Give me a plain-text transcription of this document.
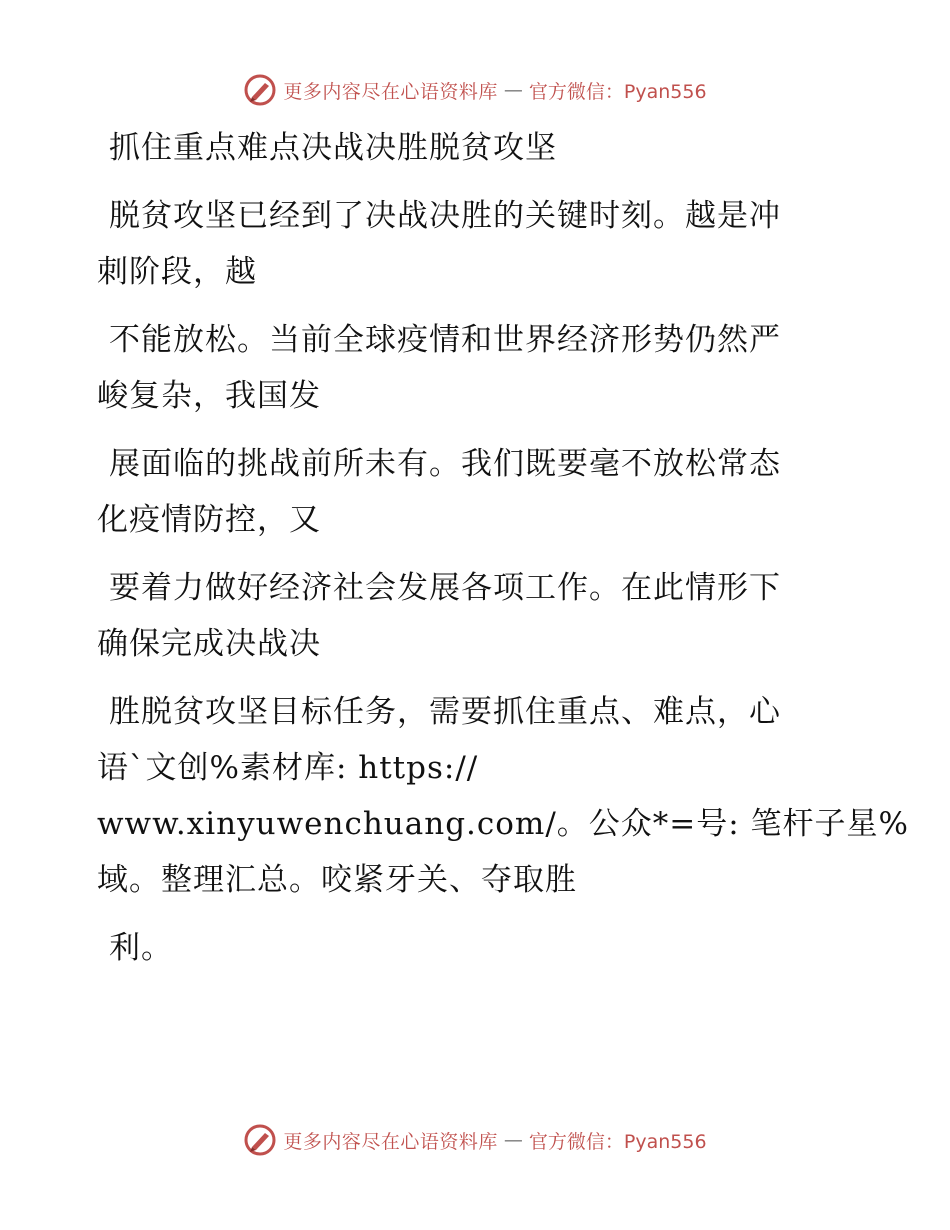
更多内容尽在心语资料库 — 官方微信：Pyan556
抓住重点难点决战决胜脱贫攻坚
脱贫攻坚已经到了决战决胜的关键时刻。越是冲
刺阶段，越
不能放松。当前全球疫情和世界经济形势仍然严
峻复杂，我国发
展面临的挑战前所未有。我们既要毫不放松常态
化疫情防控，又
要着力做好经济社会发展各项工作。在此情形下
确保完成决战决
胜脱贫攻坚目标任务，需要抓住重点、难点，心
语`文创%素材库: https://
www.xinyuwenchuang.com/。公众*=号: 笔杆子星%
域。整理汇总。咬紧牙关、夺取胜
利。
更多内容尽在心语资料库 — 官方微信：Pyan556
